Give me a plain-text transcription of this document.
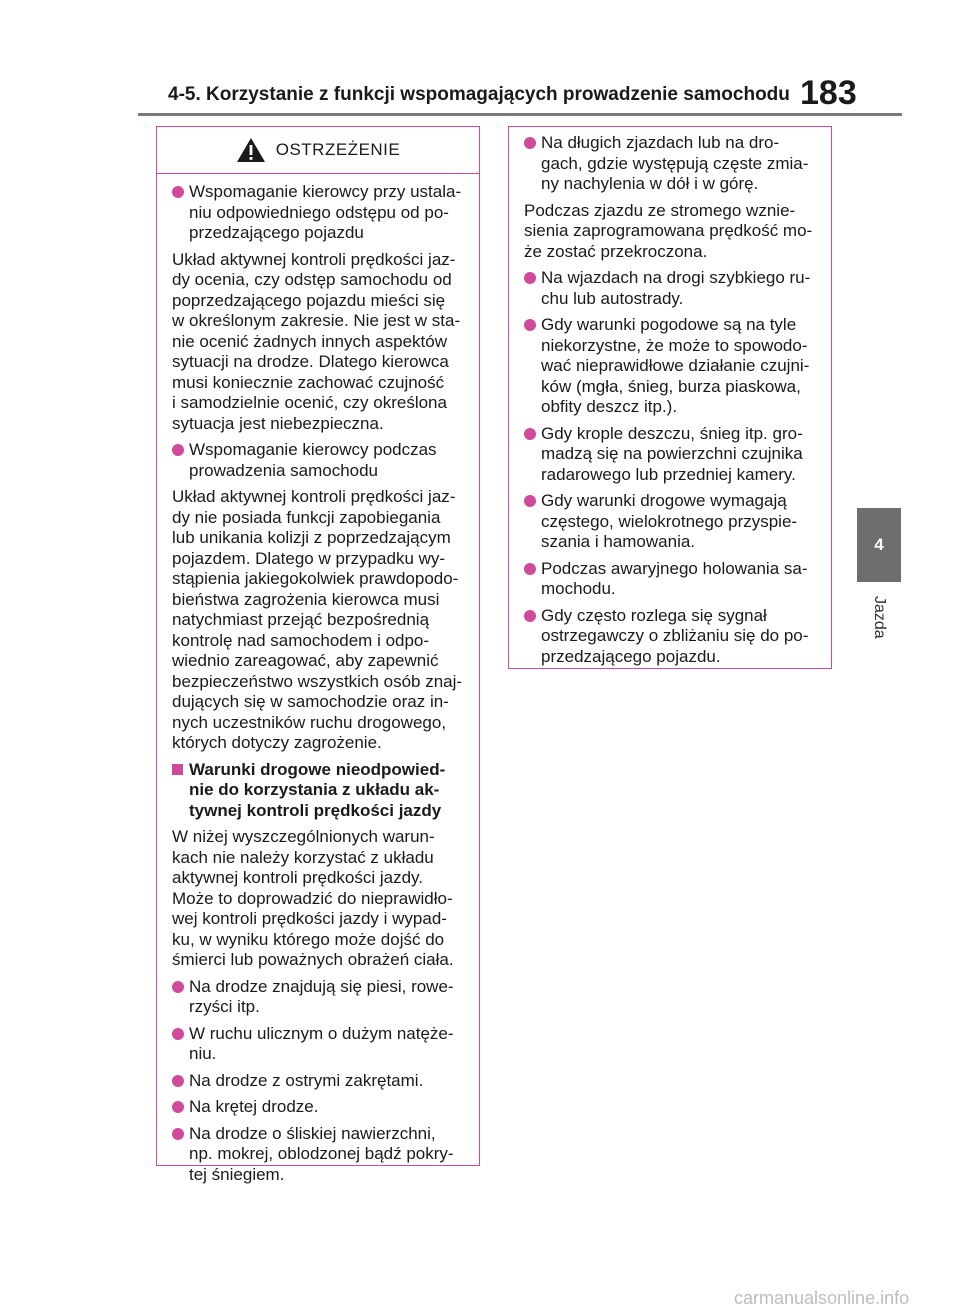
4-5. Korzystanie z funkcji wspomagających prowadzenie samochodu 183
4
Jazda
OSTRZEŻENIE
Wspomaganie kierowcy przy ustala-
niu odpowiedniego odstępu od po-
przedzającego pojazdu
Układ aktywnej kontroli prędkości jaz-
dy ocenia, czy odstęp samochodu od
poprzedzającego pojazdu mieści się
w określonym zakresie. Nie jest w sta-
nie ocenić żadnych innych aspektów
sytuacji na drodze. Dlatego kierowca
musi koniecznie zachować czujność
i samodzielnie ocenić, czy określona
sytuacja jest niebezpieczna.
Wspomaganie kierowcy podczas
prowadzenia samochodu
Układ aktywnej kontroli prędkości jaz-
dy nie posiada funkcji zapobiegania
lub unikania kolizji z poprzedzającym
pojazdem. Dlatego w przypadku wy-
stąpienia jakiegokolwiek prawdopodo-
bieństwa zagrożenia kierowca musi
natychmiast przejąć bezpośrednią
kontrolę nad samochodem i odpo-
wiednio zareagować, aby zapewnić
bezpieczeństwo wszystkich osób znaj-
dujących się w samochodzie oraz in-
nych uczestników ruchu drogowego,
których dotyczy zagrożenie.
Warunki drogowe nieodpowied-
nie do korzystania z układu ak-
tywnej kontroli prędkości jazdy
W niżej wyszczególnionych warun-
kach nie należy korzystać z układu
aktywnej kontroli prędkości jazdy.
Może to doprowadzić do nieprawidło-
wej kontroli prędkości jazdy i wypad-
ku, w wyniku którego może dojść do
śmierci lub poważnych obrażeń ciała.
Na drodze znajdują się piesi, rowe-
rzyści itp.
W ruchu ulicznym o dużym natęże-
niu.
Na drodze z ostrymi zakrętami.
Na krętej drodze.
Na drodze o śliskiej nawierzchni,
np. mokrej, oblodzonej bądź pokry-
tej śniegiem.
Na długich zjazdach lub na dro-
gach, gdzie występują częste zmia-
ny nachylenia w dół i w górę.
Podczas zjazdu ze stromego wznie-
sienia zaprogramowana prędkość mo-
że zostać przekroczona.
Na wjazdach na drogi szybkiego ru-
chu lub autostrady.
Gdy warunki pogodowe są na tyle
niekorzystne, że może to spowodo-
wać nieprawidłowe działanie czujni-
ków (mgła, śnieg, burza piaskowa,
obfity deszcz itp.).
Gdy krople deszczu, śnieg itp. gro-
madzą się na powierzchni czujnika
radarowego lub przedniej kamery.
Gdy warunki drogowe wymagają
częstego, wielokrotnego przyspie-
szania i hamowania.
Podczas awaryjnego holowania sa-
mochodu.
Gdy często rozlega się sygnał
ostrzegawczy o zbliżaniu się do po-
przedzającego pojazdu.
carmanualsonline.info
